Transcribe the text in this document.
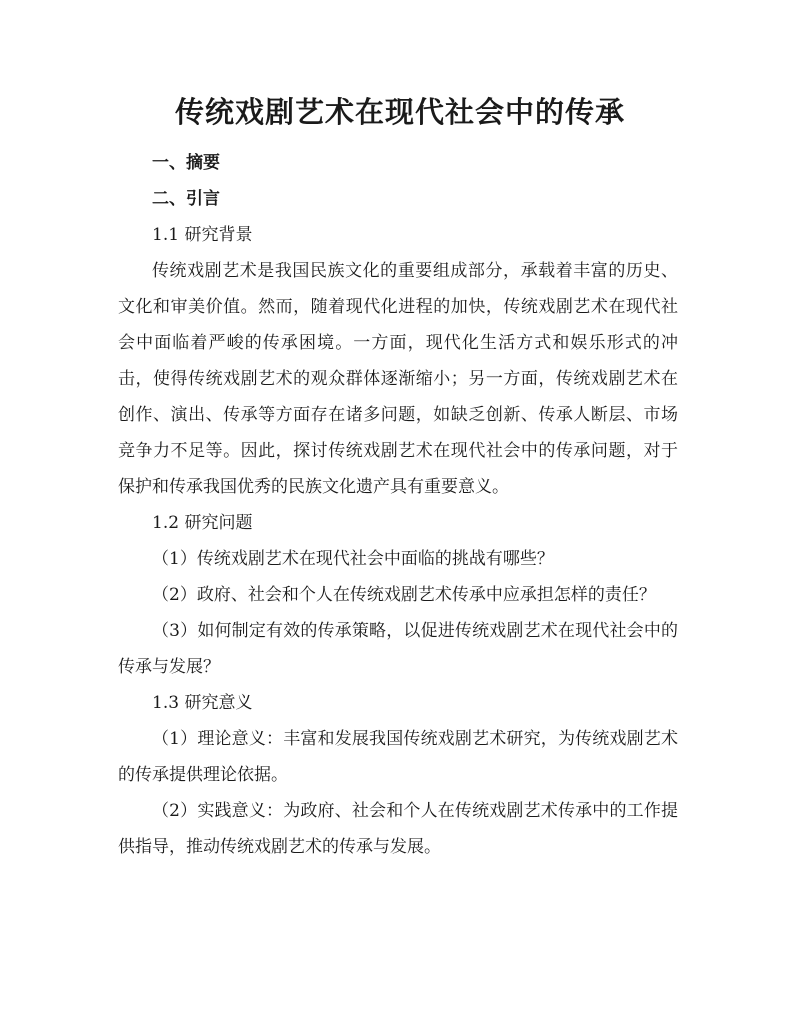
传统戏剧艺术在现代社会中的传承

一、摘要

二、引言

1.1 研究背景

传统戏剧艺术是我国民族文化的重要组成部分，承载着丰富的历史、文化和审美价值。然而，随着现代化进程的加快，传统戏剧艺术在现代社会中面临着严峻的传承困境。一方面，现代化生活方式和娱乐形式的冲击，使得传统戏剧艺术的观众群体逐渐缩小；另一方面，传统戏剧艺术在创作、演出、传承等方面存在诸多问题，如缺乏创新、传承人断层、市场竞争力不足等。因此，探讨传统戏剧艺术在现代社会中的传承问题，对于保护和传承我国优秀的民族文化遗产具有重要意义。

1.2 研究问题

（1）传统戏剧艺术在现代社会中面临的挑战有哪些？

（2）政府、社会和个人在传统戏剧艺术传承中应承担怎样的责任？

（3）如何制定有效的传承策略，以促进传统戏剧艺术在现代社会中的传承与发展？

1.3 研究意义

（1）理论意义：丰富和发展我国传统戏剧艺术研究，为传统戏剧艺术的传承提供理论依据。

（2）实践意义：为政府、社会和个人在传统戏剧艺术传承中的工作提供指导，推动传统戏剧艺术的传承与发展。
